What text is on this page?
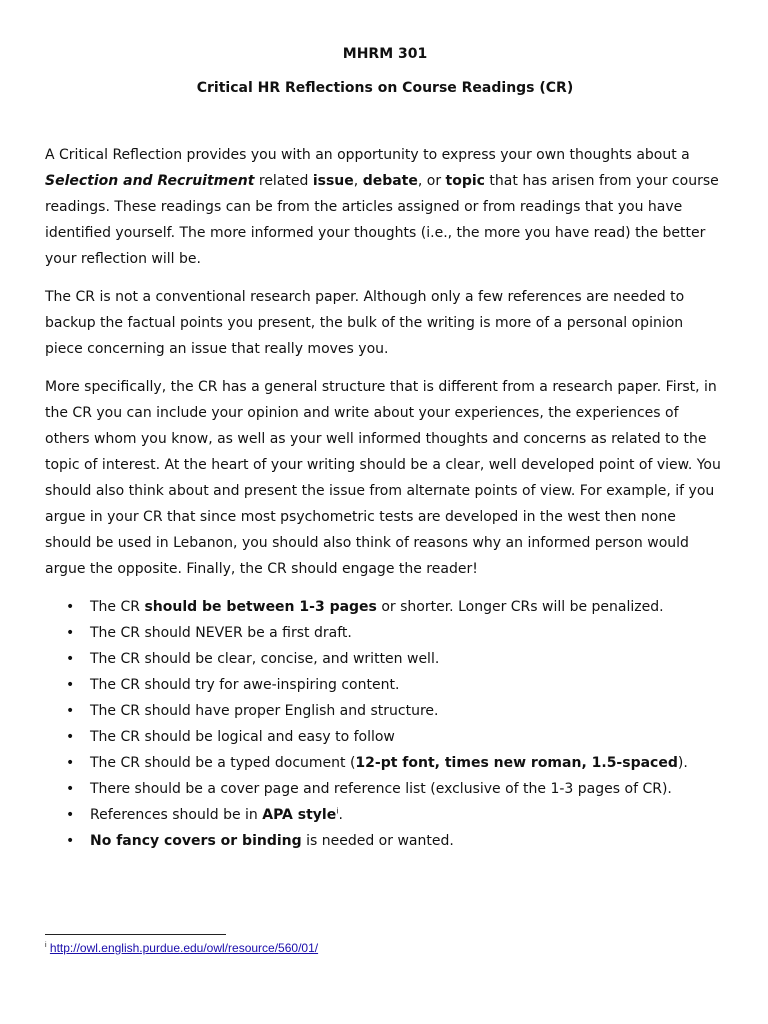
MHRM 301
Critical HR Reflections on Course Readings (CR)

A Critical Reflection provides you with an opportunity to express your own thoughts about a Selection and Recruitment related issue, debate, or topic that has arisen from your course readings. These readings can be from the articles assigned or from readings that you have identified yourself. The more informed your thoughts (i.e., the more you have read) the better your reflection will be.

The CR is not a conventional research paper. Although only a few references are needed to backup the factual points you present, the bulk of the writing is more of a personal opinion piece concerning an issue that really moves you.

More specifically, the CR has a general structure that is different from a research paper. First, in the CR you can include your opinion and write about your experiences, the experiences of others whom you know, as well as your well informed thoughts and concerns as related to the topic of interest. At the heart of your writing should be a clear, well developed point of view. You should also think about and present the issue from alternate points of view. For example, if you argue in your CR that since most psychometric tests are developed in the west then none should be used in Lebanon, you should also think of reasons why an informed person would argue the opposite. Finally, the CR should engage the reader!

• The CR should be between 1-3 pages or shorter. Longer CRs will be penalized.
• The CR should NEVER be a first draft.
• The CR should be clear, concise, and written well.
• The CR should try for awe-inspiring content.
• The CR should have proper English and structure.
• The CR should be logical and easy to follow
• The CR should be a typed document (12-pt font, times new roman, 1.5-spaced).
• There should be a cover page and reference list (exclusive of the 1-3 pages of CR).
• References should be in APA style$^i$.
• No fancy covers or binding is needed or wanted.
$^i$ http://owl.english.purdue.edu/owl/resource/560/01/
